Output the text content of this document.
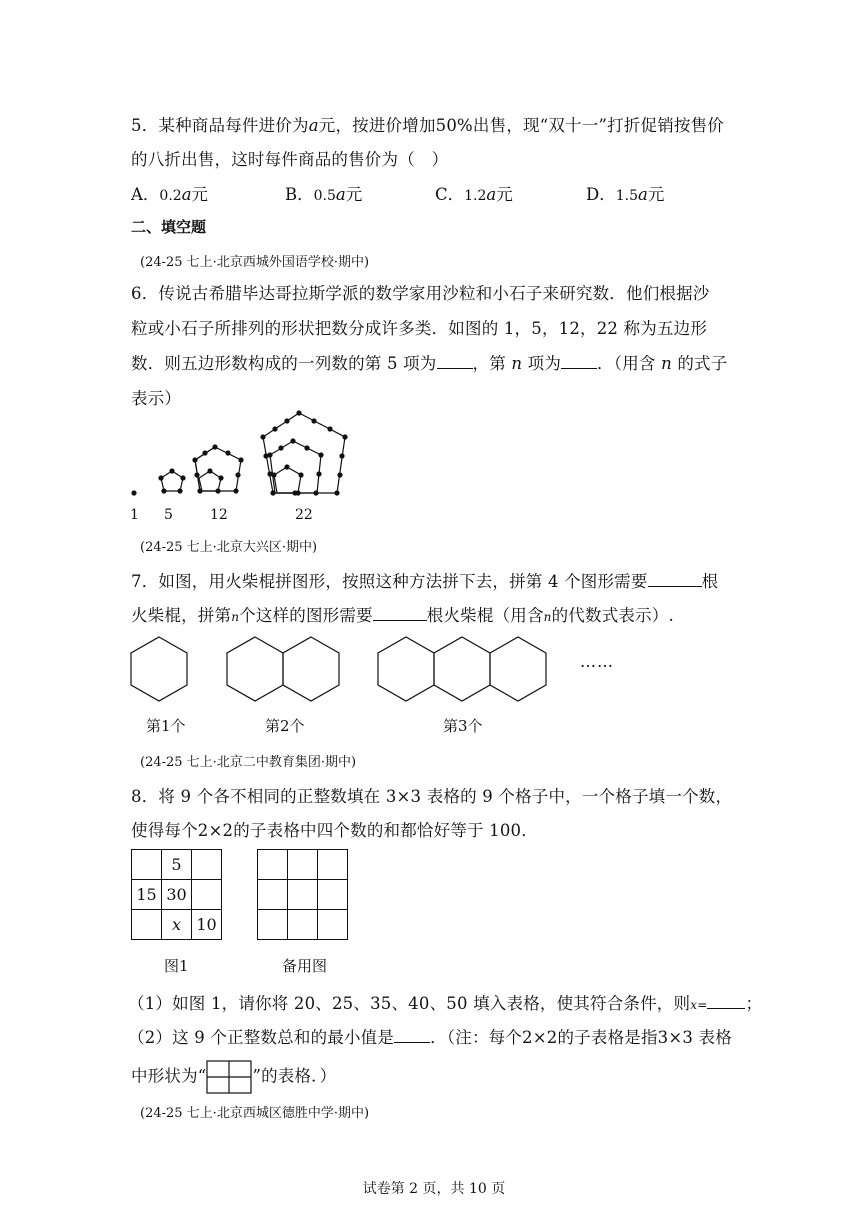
5．某种商品每件进价为a元，按进价增加50%出售，现“双十一”打折促销按售价
的八折出售，这时每件商品的售价为（　）
A．0.2a元	B．0.5a元	C．1.2a元	D．1.5a元
二、填空题
(24-25 七上·北京西城外国语学校·期中)
6．传说古希腊毕达哥拉斯学派的数学家用沙粒和小石子来研究数．他们根据沙
粒或小石子所排列的形状把数分成许多类．如图的 1，5，12，22 称为五边形
数．则五边形数构成的一列数的第 5 项为 ，第 n 项为 ．（用含 n 的式子
表示）
1 5	12	22
(24-25 七上·北京大兴区·期中)
7．如图，用火柴棍拼图形，按照这种方法拼下去，拼第 4 个图形需要	根
火柴棍，拼第n个这样的图形需要	根火柴棍（用含n的代数式表示）.
……
第1个	第2个	第3个
(24-25 七上·北京二中教育集团·期中)
8．将 9 个各不相同的正整数填在 3×3 表格的 9 个格子中，一个格子填一个数，
使得每个2×2的子表格中四个数的和都恰好等于 100．
	5	
15	30	
	x	10

图1	备用图
（1）如图 1，请你将 20、25、35、40、50 填入表格，使其符合条件，则x= ；
（2）这 9 个正整数总和的最小值是 ．（注：每个2×2的子表格是指3×3 表格
中形状为“	”的表格．）
(24-25 七上·北京西城区德胜中学·期中)
试卷第 2 页，共 10 页
